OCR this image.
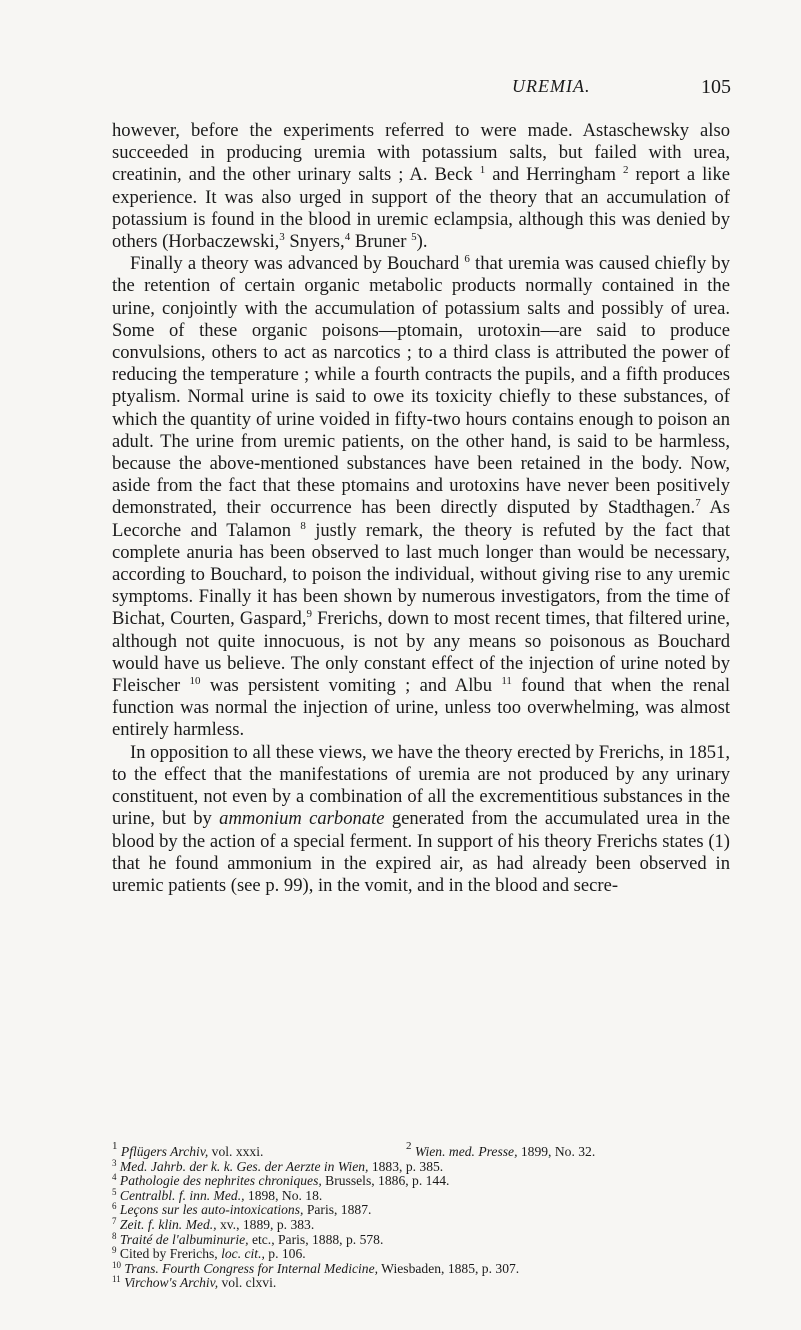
UREMIA.	105

however, before the experiments referred to were made. Astaschewsky also succeeded in producing uremia with potassium salts, but failed with urea, creatinin, and the other urinary salts ; A. Beck $^1$ and Herringham $^2$ report a like experience. It was also urged in support of the theory that an accumulation of potassium is found in the blood in uremic eclampsia, although this was denied by others (Horbaczewski,$^3$ Snyers,$^4$ Bruner $^5$).

Finally a theory was advanced by Bouchard $^6$ that uremia was caused chiefly by the retention of certain organic metabolic products normally contained in the urine, conjointly with the accumulation of potassium salts and possibly of urea. Some of these organic poisons—ptomain, urotoxin—are said to produce convulsions, others to act as narcotics ; to a third class is attributed the power of reducing the temperature ; while a fourth contracts the pupils, and a fifth produces ptyalism. Normal urine is said to owe its toxicity chiefly to these substances, of which the quantity of urine voided in fifty-two hours contains enough to poison an adult. The urine from uremic patients, on the other hand, is said to be harmless, because the above-mentioned substances have been retained in the body. Now, aside from the fact that these ptomains and urotoxins have never been positively demonstrated, their occurrence has been directly disputed by Stadthagen.$^7$ As Lecorche and Talamon $^8$ justly remark, the theory is refuted by the fact that complete anuria has been observed to last much longer than would be necessary, according to Bouchard, to poison the individual, without giving rise to any uremic symptoms. Finally it has been shown by numerous investigators, from the time of Bichat, Courten, Gaspard,$^9$ Frerichs, down to most recent times, that filtered urine, although not quite innocuous, is not by any means so poisonous as Bouchard would have us believe. The only constant effect of the injection of urine noted by Fleischer $^{10}$ was persistent vomiting ; and Albu $^{11}$ found that when the renal function was normal the injection of urine, unless too overwhelming, was almost entirely harmless.

In opposition to all these views, we have the theory erected by Frerichs, in 1851, to the effect that the manifestations of uremia are not produced by any urinary constituent, not even by a combination of all the excrementitious substances in the urine, but by ammonium carbonate generated from the accumulated urea in the blood by the action of a special ferment. In support of his theory Frerichs states (1) that he found ammonium in the expired air, as had already been observed in uremic patients (see p. 99), in the vomit, and in the blood and secre-

$^1$ Pflügers Archiv, vol. xxxi.	$^2$ Wien. med. Presse, 1899, No. 32.
$^3$ Med. Jahrb. der k. k. Ges. der Aerzte in Wien, 1883, p. 385.
$^4$ Pathologie des nephrites chroniques, Brussels, 1886, p. 144.
$^5$ Centralbl. f. inn. Med., 1898, No. 18.
$^6$ Leçons sur les auto-intoxications, Paris, 1887.
$^7$ Zeit. f. klin. Med., xv., 1889, p. 383.
$^8$ Traité de l'albuminurie, etc., Paris, 1888, p. 578.
$^9$ Cited by Frerichs, loc. cit., p. 106.
$^{10}$ Trans. Fourth Congress for Internal Medicine, Wiesbaden, 1885, p. 307.
$^{11}$ Virchow's Archiv, vol. clxvi.
